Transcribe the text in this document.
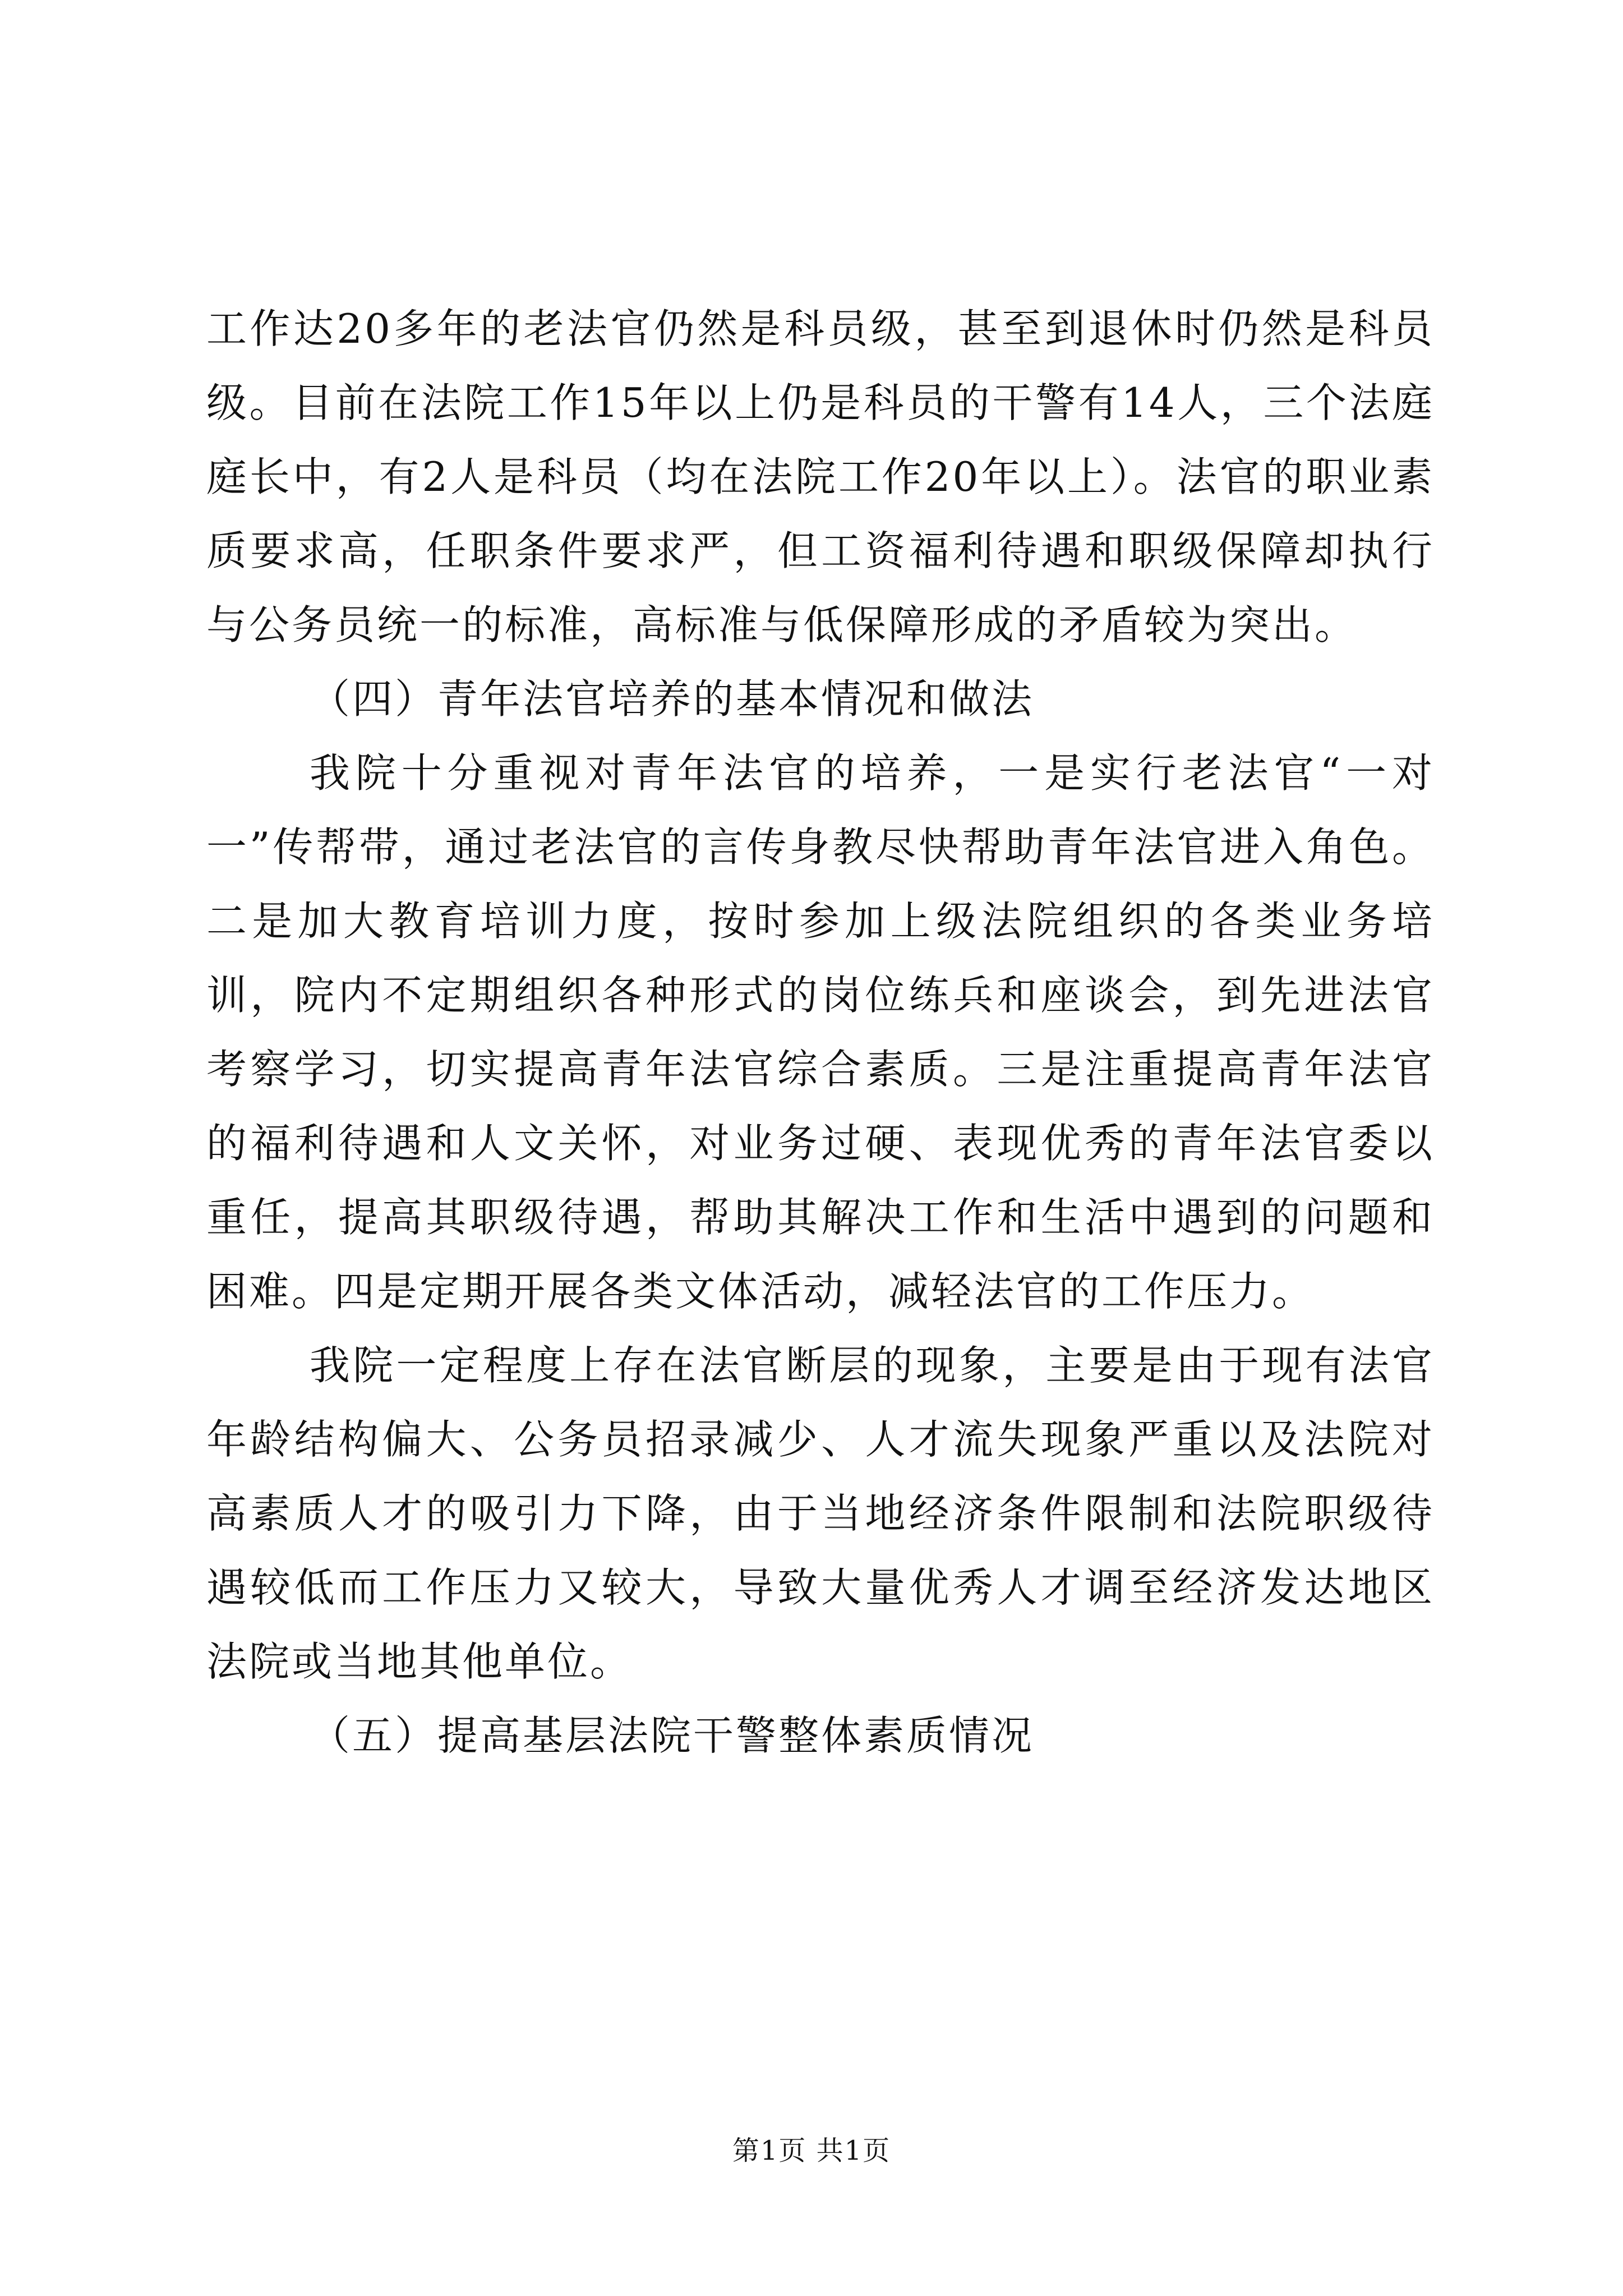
工作达20多年的老法官仍然是科员级，甚至到退休时仍然是科员级。目前在法院工作15年以上仍是科员的干警有14人，三个法庭庭长中，有2人是科员（均在法院工作20年以上）。法官的职业素质要求高，任职条件要求严，但工资福利待遇和职级保障却执行与公务员统一的标准，高标准与低保障形成的矛盾较为突出。

（四）青年法官培养的基本情况和做法

我院十分重视对青年法官的培养，一是实行老法官“一对一”传帮带，通过老法官的言传身教尽快帮助青年法官进入角色。二是加大教育培训力度，按时参加上级法院组织的各类业务培训，院内不定期组织各种形式的岗位练兵和座谈会，到先进法官考察学习，切实提高青年法官综合素质。三是注重提高青年法官的福利待遇和人文关怀，对业务过硬、表现优秀的青年法官委以重任，提高其职级待遇，帮助其解决工作和生活中遇到的问题和困难。四是定期开展各类文体活动，减轻法官的工作压力。

我院一定程度上存在法官断层的现象，主要是由于现有法官年龄结构偏大、公务员招录减少、人才流失现象严重以及法院对高素质人才的吸引力下降，由于当地经济条件限制和法院职级待遇较低而工作压力又较大，导致大量优秀人才调至经济发达地区法院或当地其他单位。

（五）提高基层法院干警整体素质情况

第1页 共1页
